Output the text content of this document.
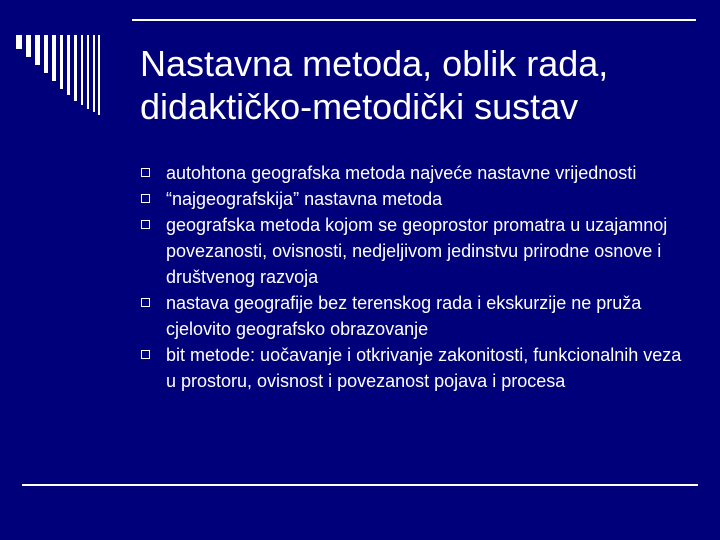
Nastavna metoda, oblik rada,
didaktičko-metodički sustav
autohtona geografska metoda najveće nastavne vrijednosti
“najgeografskija” nastavna metoda
geografska metoda kojom se geoprostor promatra u uzajamnoj povezanosti, ovisnosti, nedjeljivom jedinstvu prirodne osnove i društvenog razvoja
nastava geografije bez terenskog rada i ekskurzije ne pruža cjelovito geografsko obrazovanje
bit metode: uočavanje i otkrivanje zakonitosti, funkcionalnih veza u prostoru, ovisnost i povezanost pojava i procesa
